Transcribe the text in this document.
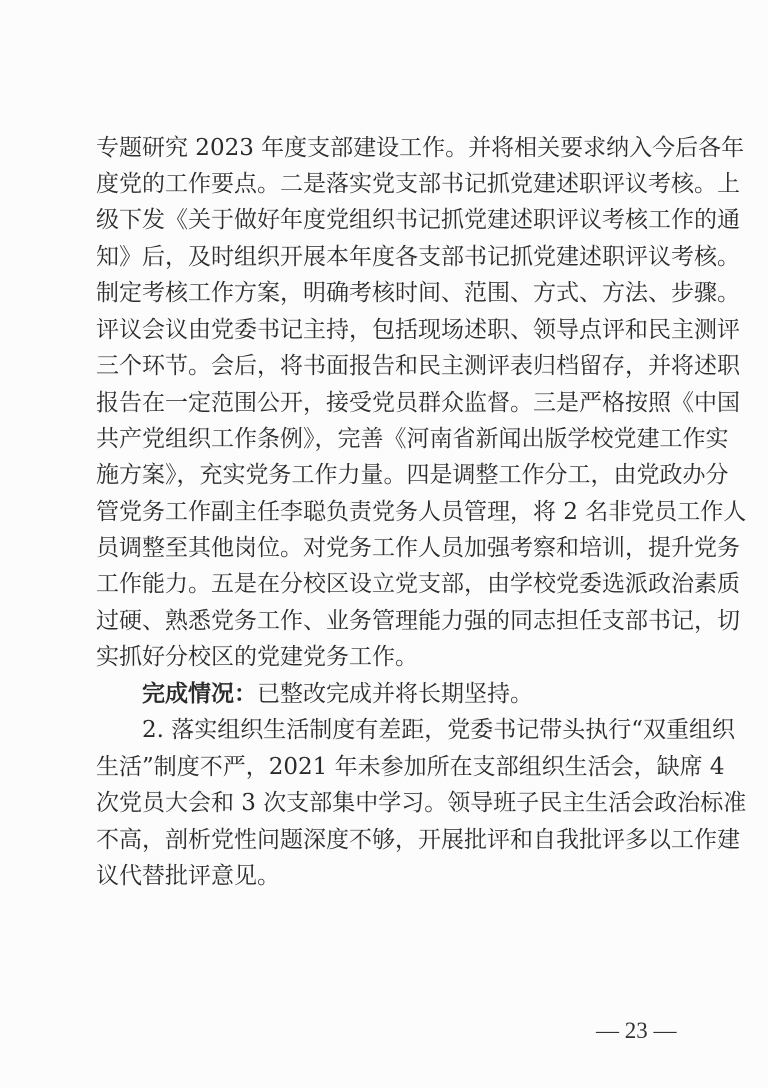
专题研究 2023 年度支部建设工作。并将相关要求纳入今后各年
度党的工作要点。二是落实党支部书记抓党建述职评议考核。上
级下发《关于做好年度党组织书记抓党建述职评议考核工作的通
知》后，及时组织开展本年度各支部书记抓党建述职评议考核。
制定考核工作方案，明确考核时间、范围、方式、方法、步骤。
评议会议由党委书记主持，包括现场述职、领导点评和民主测评
三个环节。会后，将书面报告和民主测评表归档留存，并将述职
报告在一定范围公开，接受党员群众监督。三是严格按照《中国
共产党组织工作条例》，完善《河南省新闻出版学校党建工作实
施方案》，充实党务工作力量。四是调整工作分工，由党政办分
管党务工作副主任李聪负责党务人员管理，将 2 名非党员工作人
员调整至其他岗位。对党务工作人员加强考察和培训，提升党务
工作能力。五是在分校区设立党支部，由学校党委选派政治素质
过硬、熟悉党务工作、业务管理能力强的同志担任支部书记，切
实抓好分校区的党建党务工作。
完成情况：已整改完成并将长期坚持。
2. 落实组织生活制度有差距，党委书记带头执行“双重组织
生活”制度不严，2021 年未参加所在支部组织生活会，缺席 4
次党员大会和 3 次支部集中学习。领导班子民主生活会政治标准
不高，剖析党性问题深度不够，开展批评和自我批评多以工作建
议代替批评意见。
— 23 —
